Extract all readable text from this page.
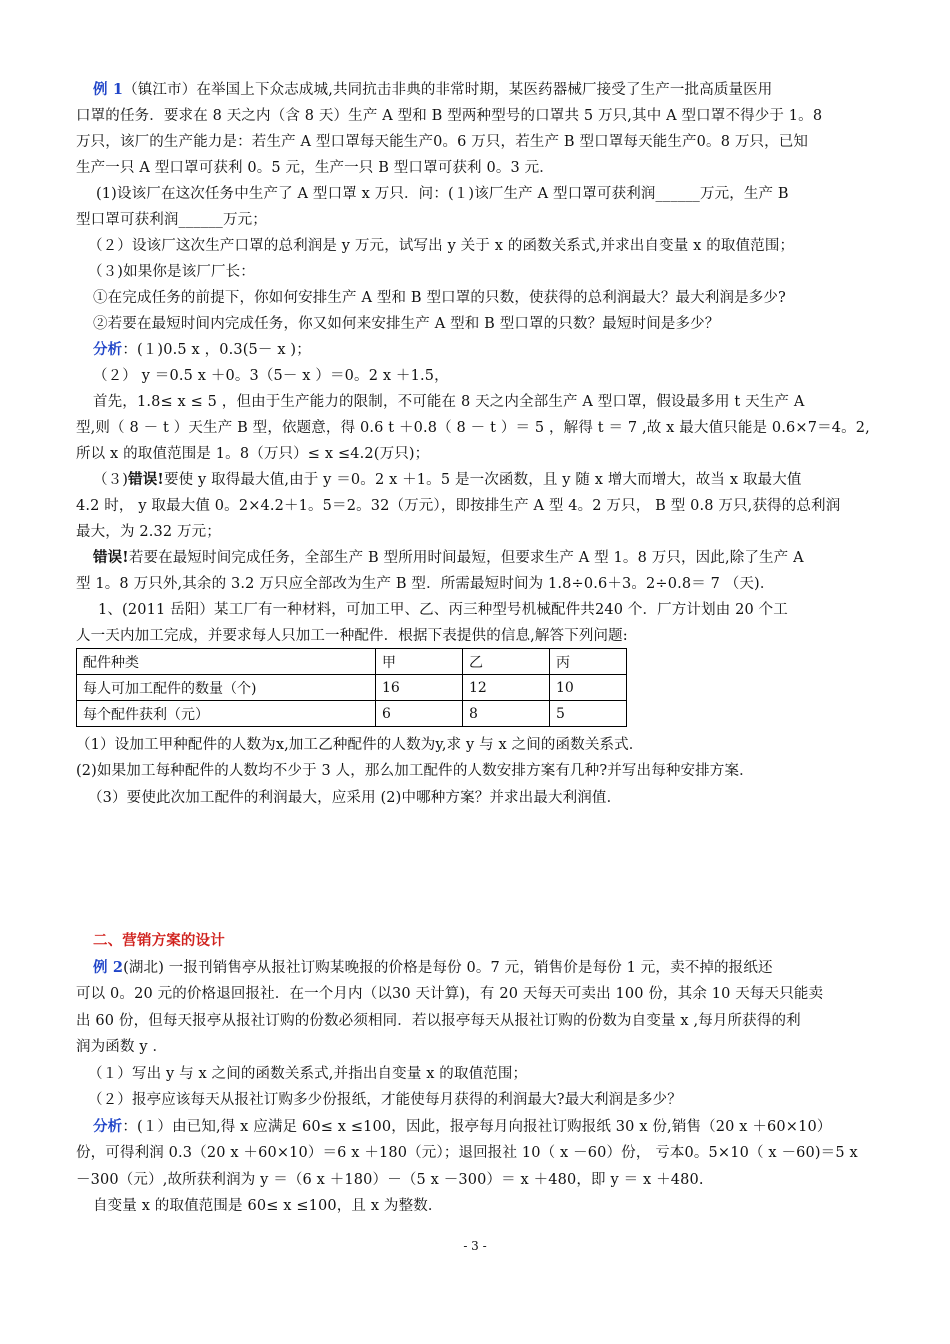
例 1（镇江市）在举国上下众志成城,共同抗击非典的非常时期，某医药器械厂接受了生产一批高质量医用
口罩的任务．要求在 8 天之内（含 8 天）生产 A 型和 B 型两种型号的口罩共 5 万只,其中 A 型口罩不得少于 1。8
万只，该厂的生产能力是：若生产 A 型口罩每天能生产0。6 万只，若生产 B 型口罩每天能生产0。8 万只，已知
生产一只 A 型口罩可获利 0。5 元，生产一只 B 型口罩可获利 0。3 元．
(1)设该厂在这次任务中生产了 A 型口罩 x 万只．问：(１)该厂生产 A 型口罩可获利润______万元，生产 B
型口罩可获利润______万元；
（２）设该厂这次生产口罩的总利润是 y 万元，试写出 y 关于 x 的函数关系式,并求出自变量 x 的取值范围；
（３)如果你是该厂厂长：
①在完成任务的前提下，你如何安排生产 A 型和 B 型口罩的只数，使获得的总利润最大？最大利润是多少?
②若要在最短时间内完成任务，你又如何来安排生产 A 型和 B 型口罩的只数？最短时间是多少？
分析：(１)0.5 x ，0.3(5－ x )；
（２） y ＝0.5 x ＋0。3（5－ x ）＝0。2 x ＋1.5，
首先，1.8≤ x ≤ 5 ，但由于生产能力的限制，不可能在 8 天之内全部生产 A 型口罩，假设最多用 t 天生产 A
型,则（ 8 － t ）天生产 B 型，依题意，得 0.6 t ＋0.8（ 8 － t ）＝ 5 ，解得 t ＝ 7 ,故 x 最大值只能是 0.6×7＝4。2,
所以 x 的取值范围是 1。8（万只）≤ x ≤4.2(万只)；
（３)错误!要使 y 取得最大值,由于 y ＝0。2 x ＋1。5 是一次函数，且 y 随 x 增大而增大，故当 x 取最大值
4.2 时， y 取最大值 0。2×4.2＋1。5＝2。32（万元），即按排生产 A 型 4。2 万只， B 型 0.8 万只,获得的总利润
最大，为 2.32 万元；
错误!若要在最短时间完成任务，全部生产 B 型所用时间最短，但要求生产 A 型 1。8 万只，因此,除了生产 A
型 1。8 万只外,其余的 3.2 万只应全部改为生产 B 型．所需最短时间为 1.8÷0.6＋3。2÷0.8＝ 7 （天)．
1、(2011 岳阳）某工厂有一种材料，可加工甲、乙、丙三种型号机械配件共240 个．厂方计划由 20 个工
配件种类	甲	乙	丙
每人可加工配件的数量（个)	16	12	10
每个配件获利（元）	6	8	5
（1）设加工甲种配件的人数为x,加工乙种配件的人数为y,求 y 与 x 之间的函数关系式．
(2)如果加工每种配件的人数均不少于 3 人，那么加工配件的人数安排方案有几种?并写出每种安排方案．
（3）要使此次加工配件的利润最大，应采用 (2)中哪种方案？并求出最大利润值．
二、营销方案的设计
例 2(湖北) 一报刊销售亭从报社订购某晚报的价格是每份 0。7 元，销售价是每份 1 元，卖不掉的报纸还
可以 0。20 元的价格退回报社．在一个月内（以30 天计算)，有 20 天每天可卖出 100 份，其余 10 天每天只能卖
出 60 份，但每天报亭从报社订购的份数必须相同．若以报亭每天从报社订购的份数为自变量 x ,每月所获得的利
润为函数 y ．
（１）写出 y 与 x 之间的函数关系式,并指出自变量 x 的取值范围；
（２）报亭应该每天从报社订购多少份报纸，才能使每月获得的利润最大?最大利润是多少？
分析：(１）由已知,得 x 应满足 60≤ x ≤100，因此，报亭每月向报社订购报纸 30 x 份,销售（20 x ＋60×10）
份，可得利润 0.3（20 x ＋60×10）＝6 x ＋180（元）；退回报社 10（ x －60）份， 亏本0。5×10（ x －60)＝5 x
－300（元）,故所获利润为 y ＝（6 x ＋180）－（5 x －300）＝ x ＋480，即 y ＝ x ＋480.
自变量 x 的取值范围是 60≤ x ≤100，且 x 为整数．
- 3 -
人一天内加工完成，并要求每人只加工一种配件．根据下表提供的信息,解答下列问题:
